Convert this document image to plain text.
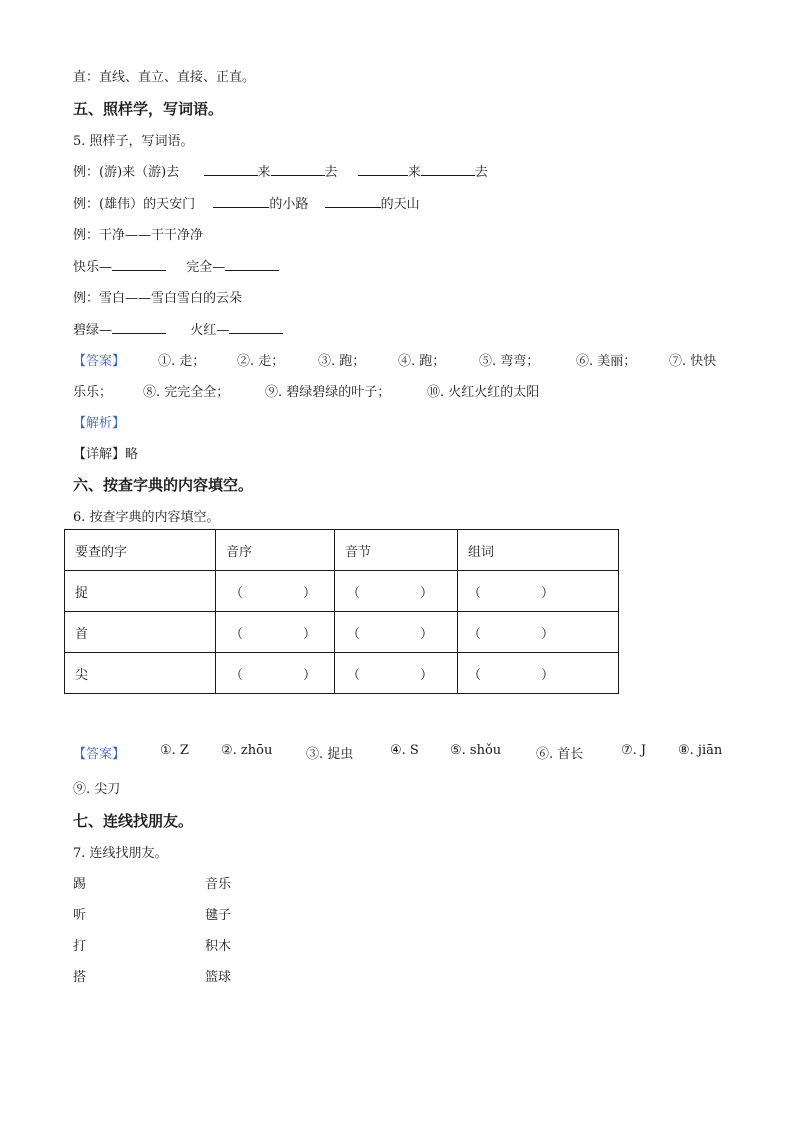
直：直线、直立、直接、正直。
五、照样学，写词语。
5. 照样子，写词语。
例：(游)来（游)去	来	去	来	去
例：(雄伟）的天安门	的小路	的天山
例：干净——干干净净
快乐—	完全—
例：雪白——雪白雪白的云朵
碧绿—	火红—
【答案】	①. 走； ②. 走；	③. 跑；	④. 跑；	⑤. 弯弯；	⑥. 美丽；	⑦. 快快
乐乐； ⑧. 完完全全；	⑨. 碧绿碧绿的叶子；	⑩. 火红火红的太阳
【解析】
【详解】略
六、按查字典的内容填空。
6. 按查字典的内容填空。
要查的字	音序	音节	组词
捉	（ ）	（ ）	（ ）
首	（ ）	（ ）	（ ）
尖	（ ）	（ ）	（ ）
【答案】	①. Z ②. zhōu	③. 捉虫	④. S ⑤. shǒu	⑥. 首长	⑦. J ⑧. jiān
⑨. 尖刀
七、连线找朋友。
7. 连线找朋友。
踢	音乐
听	毽子
打	积木
搭	篮球
